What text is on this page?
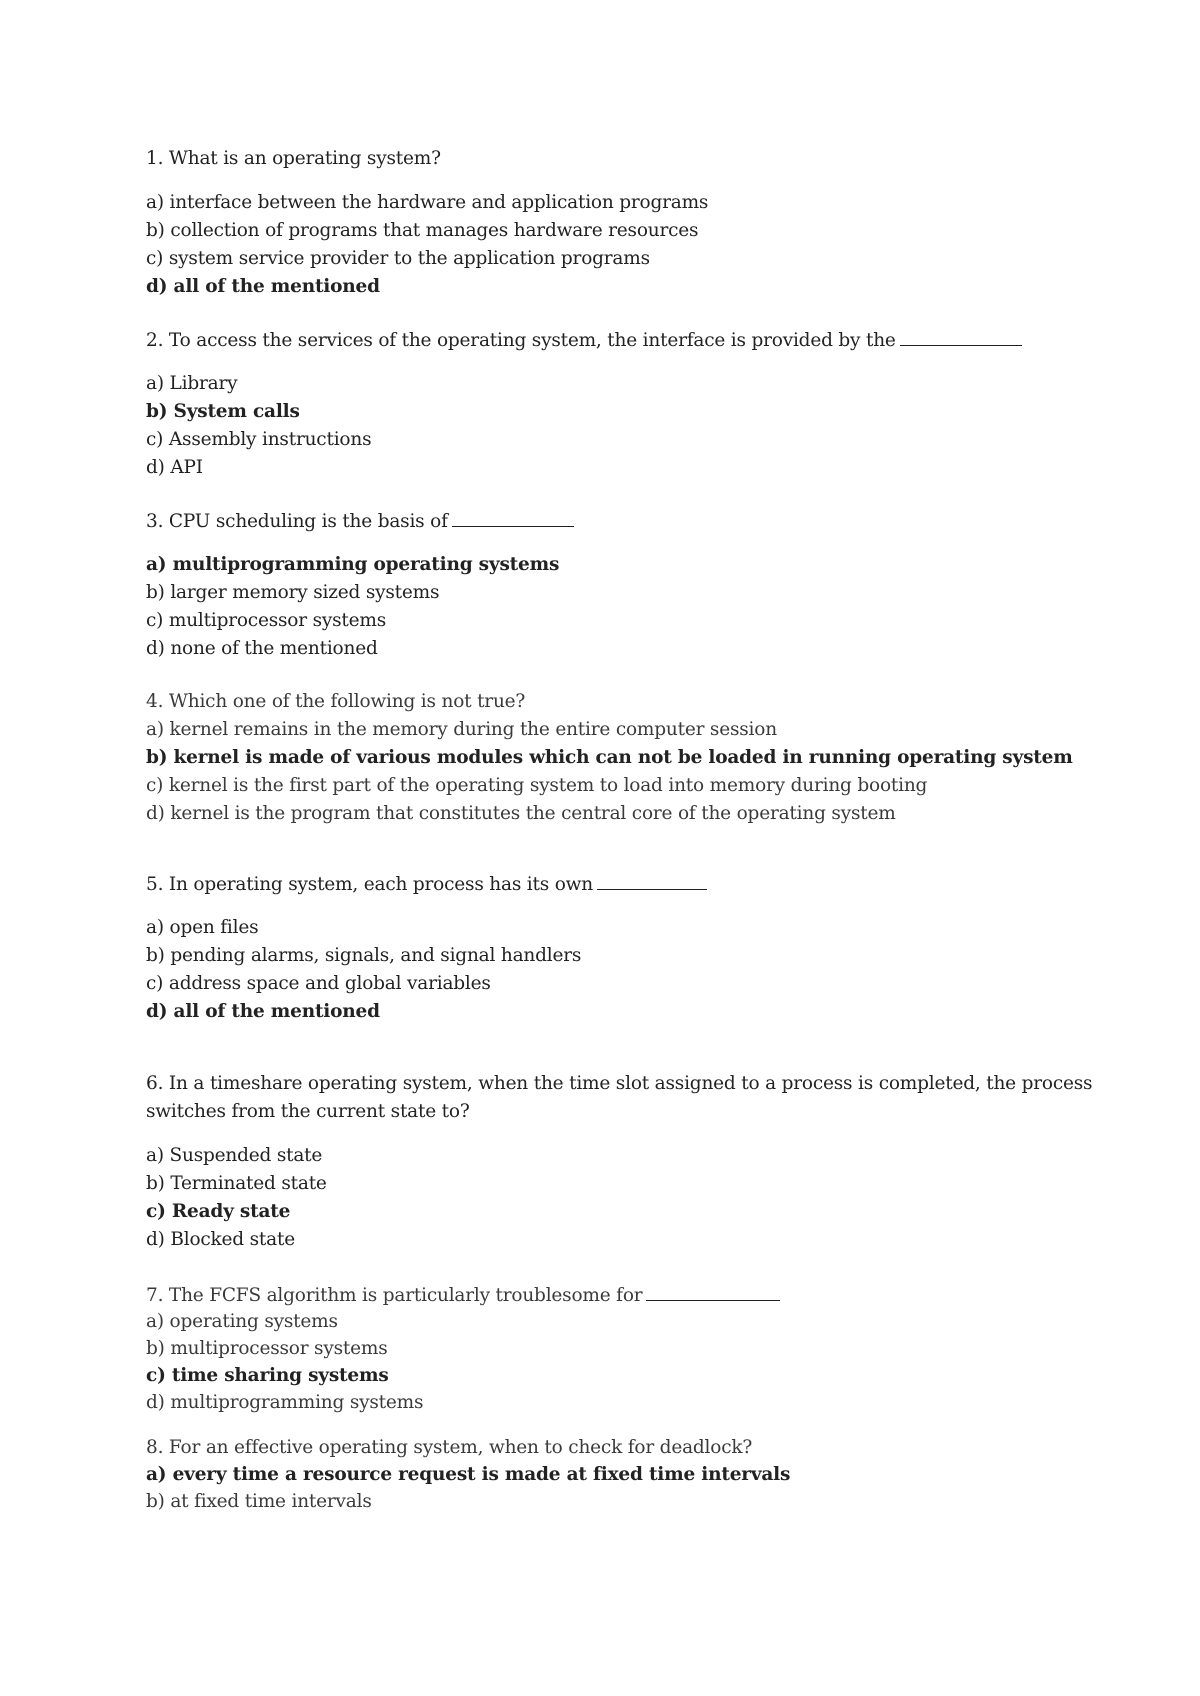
1. What is an operating system?
a) interface between the hardware and application programs
b) collection of programs that manages hardware resources
c) system service provider to the application programs
d) all of the mentioned
2. To access the services of the operating system, the interface is provided by the
a) Library
b) System calls
c) Assembly instructions
d) API
3. CPU scheduling is the basis of
a) multiprogramming operating systems
b) larger memory sized systems
c) multiprocessor systems
d) none of the mentioned
4. Which one of the following is not true?
a) kernel remains in the memory during the entire computer session
b) kernel is made of various modules which can not be loaded in running operating system
c) kernel is the first part of the operating system to load into memory during booting
d) kernel is the program that constitutes the central core of the operating system
5. In operating system, each process has its own
a) open files
b) pending alarms, signals, and signal handlers
c) address space and global variables
d) all of the mentioned
6. In a timeshare operating system, when the time slot assigned to a process is completed, the process
switches from the current state to?
a) Suspended state
b) Terminated state
c) Ready state
d) Blocked state
7. The FCFS algorithm is particularly troublesome for
a) operating systems
b) multiprocessor systems
c) time sharing systems
d) multiprogramming systems
8. For an effective operating system, when to check for deadlock?
a) every time a resource request is made at fixed time intervals
b) at fixed time intervals
